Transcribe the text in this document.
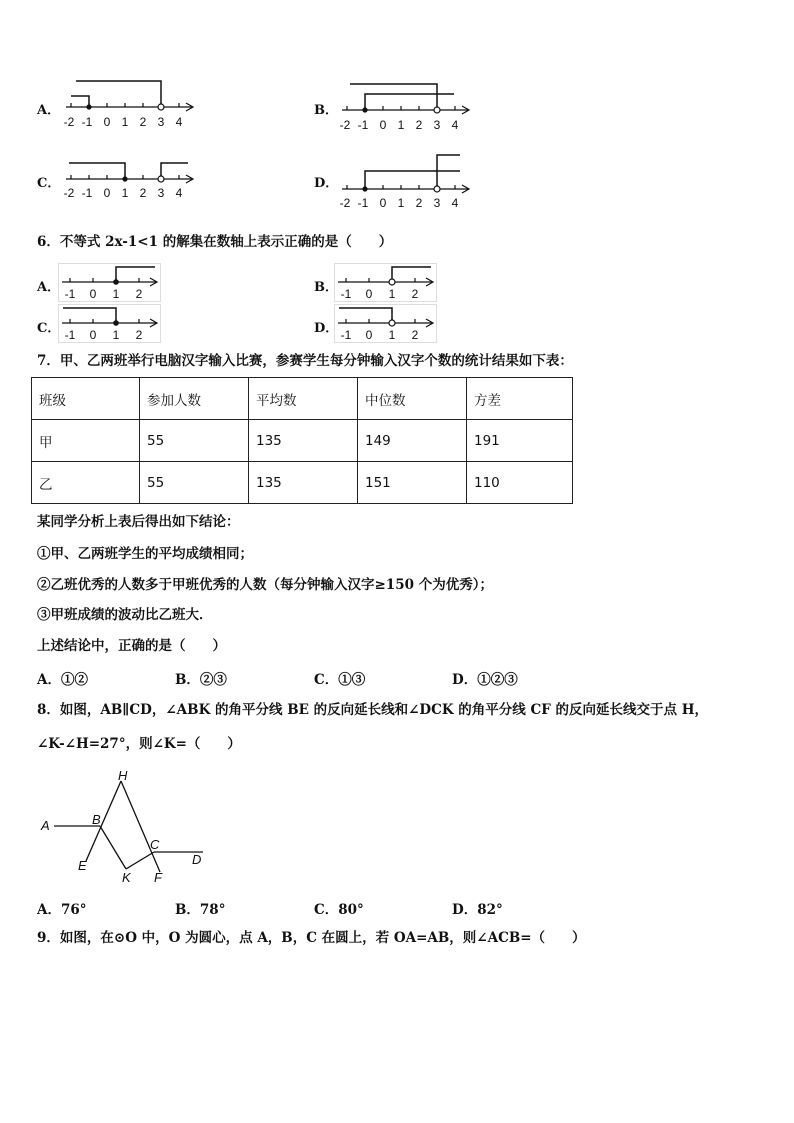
A．
-2 -1 0 1 2 3 4
B．
-2 -1 0 1 2 3 4
C．
-2 -1 0 1 2 3 4
D．
-2 -1 0 1 2 3 4
6．不等式 2x-1<1 的解集在数轴上表示正确的是（　　）
A． -1 0 1 2	B． -1 0 1 2
C． -1 0 1 2	D． -1 0 1 2
7．甲、乙两班举行电脑汉字输入比赛，参赛学生每分钟输入汉字个数的统计结果如下表：
班级	参加人数	平均数	中位数	方差
甲	55	135	149	191
乙	55	135	151	110
某同学分析上表后得出如下结论：
①甲、乙两班学生的平均成绩相同；
②乙班优秀的人数多于甲班优秀的人数（每分钟输入汉字≥150 个为优秀）；
③甲班成绩的波动比乙班大．
上述结论中，正确的是（　　）
A．①②	B．②③	C．①③	D．①②③
8．如图，AB∥CD，∠ABK 的角平分线 BE 的反向延长线和∠DCK 的角平分线 CF 的反向延长线交于点 H，
∠K-∠H=27°，则∠K=（　　）
A	B
C
D
E
F
H
K
A．76°	B．78°	C．80°	D．82°
9．如图，在⊙O 中，O 为圆心，点 A，B，C 在圆上，若 OA=AB，则∠ACB=（　　）
